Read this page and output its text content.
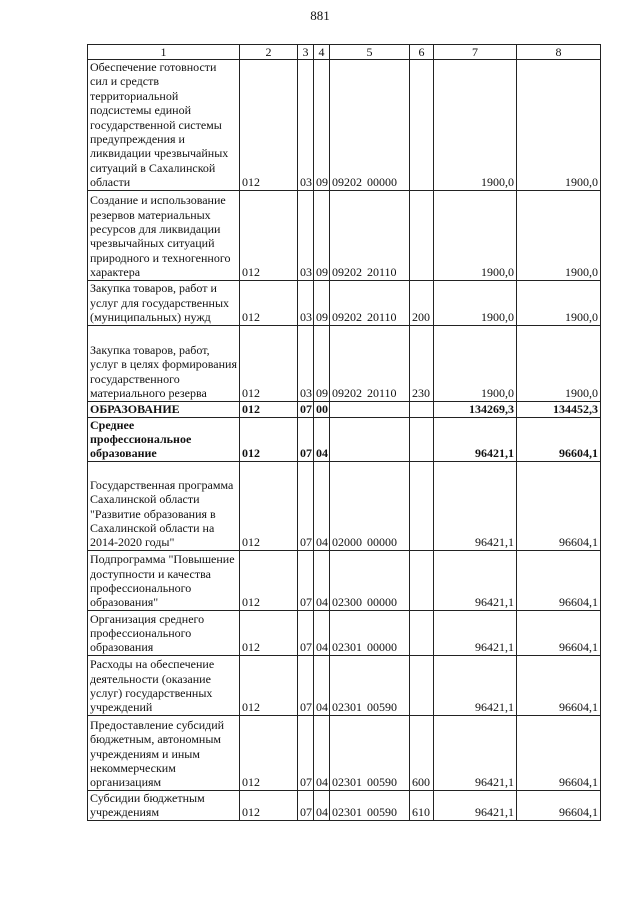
881
1	2	3	4	5	6	7	8
Обеспечение готовности сил и средств территориальной подсистемы единой государственной системы предупреждения и ликвидации чрезвычайных ситуаций в Сахалинской области	012	03	09	09202 00000		1900,0	1900,0
Создание и использование резервов материальных ресурсов для ликвидации чрезвычайных ситуаций природного и техногенного характера	012	03	09	09202 20110		1900,0	1900,0
Закупка товаров, работ и услуг для государственных (муниципальных) нужд	012	03	09	09202 20110	200	1900,0	1900,0
Закупка товаров, работ, услуг в целях формирования государственного материального резерва	012	03	09	09202 20110	230	1900,0	1900,0
ОБРАЗОВАНИЕ	012	07	00			134269,3	134452,3
Среднее профессиональное образование	012	07	04			96421,1	96604,1
Государственная программа Сахалинской области "Развитие образования в Сахалинской области на 2014-2020 годы"	012	07	04	02000 00000		96421,1	96604,1
Подпрограмма "Повышение доступности и качества профессионального образования"	012	07	04	02300 00000		96421,1	96604,1
Организация среднего профессионального образования	012	07	04	02301 00000		96421,1	96604,1
Расходы на обеспечение деятельности (оказание услуг) государственных учреждений	012	07	04	02301 00590		96421,1	96604,1
Предоставление субсидий бюджетным, автономным учреждениям и иным некоммерческим организациям	012	07	04	02301 00590	600	96421,1	96604,1
Субсидии бюджетным учреждениям	012	07	04	02301 00590	610	96421,1	96604,1
